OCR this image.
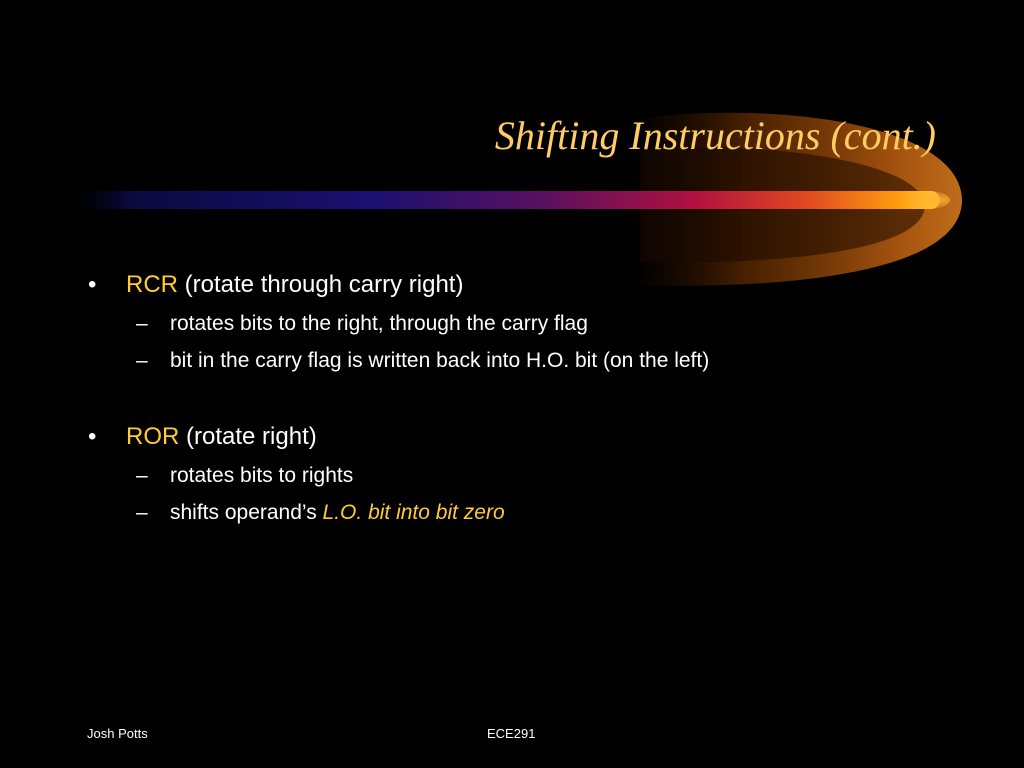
Shifting Instructions (cont.)
• RCR (rotate through carry right)
– rotates bits to the right, through the carry flag
– bit in the carry flag is written back into H.O. bit (on the left)
• ROR (rotate right)
– rotates bits to rights
– shifts operand’s L.O. bit into bit zero
Josh Potts	ECE291
